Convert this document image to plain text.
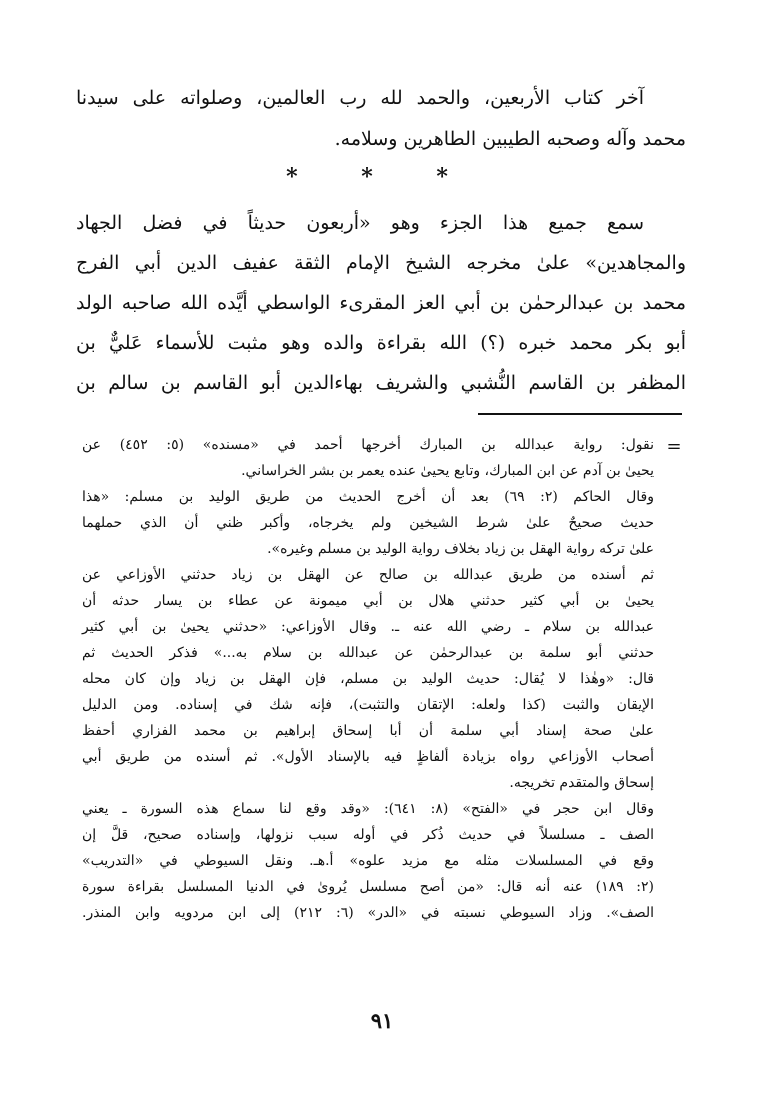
آخر كتاب الأربعين، والحمد لله رب العالمين، وصلواته على سيدنا
محمد وآله وصحبه الطيبين الطاهرين وسلامه.
* * *
سمع جميع هذا الجزء وهو «أربعون حديثاً في فضل الجهاد
والمجاهدين» علىٰ مخرجه الشيخ الإمام الثقة عفيف الدين أبي الفرج
محمد بن عبدالرحمٰن بن أبي العز المقرىء الواسطي أيَّده الله صاحبه الولد
أبو بكر محمد خبره (؟) الله بقراءة والده وهو مثبت للأسماء عَليٌّ بن
المظفر بن القاسم النُّشبي والشريف بهاءالدين أبو القاسم بن سالم بن
=
نقول: رواية عبدالله بن المبارك أخرجها أحمد في «مسنده» (٥: ٤٥٢) عن
يحيىٰ بن آدم عن ابن المبارك، وتابع يحيىٰ عنده يعمر بن بشر الخراساني.
وقال الحاكم (٢: ٦٩) بعد أن أخرج الحديث من طريق الوليد بن مسلم: «هذا
حديث صحيحٌ علىٰ شرط الشيخين ولم يخرجاه، وأكبر ظني أن الذي حملهما
علىٰ تركه رواية الهقل بن زياد بخلاف رواية الوليد بن مسلم وغيره».
ثم أسنده من طريق عبدالله بن صالح عن الهقل بن زياد حدثني الأوزاعي عن
يحيىٰ بن أبي كثير حدثني هلال بن أبي ميمونة عن عطاء بن يسار حدثه أن
عبدالله بن سلام ـ رضي الله عنه ـ. وقال الأوزاعي: «حدثني يحيىٰ بن أبي كثير
حدثني أبو سلمة بن عبدالرحمٰن عن عبدالله بن سلام به...» فذكر الحديث ثم
قال: «وهٰذا لا يُقال: حديث الوليد بن مسلم، فإن الهقل بن زياد وإن كان محله
الإيقان والثبت (كذا ولعله: الإتقان والتثبت)، فإنه شك في إسناده. ومن الدليل
علىٰ صحة إسناد أبي سلمة أن أبا إسحاق إبراهيم بن محمد الفزاري أحفظ
أصحاب الأوزاعي رواه بزيادة ألفاظٍ فيه بالإسناد الأول». ثم أسنده من طريق أبي
إسحاق والمتقدم تخريجه.
وقال ابن حجر في «الفتح» (٨: ٦٤١): «وقد وقع لنا سماع هذه السورة ـ يعني
الصف ـ مسلسلاً في حديث ذُكر في أوله سبب نزولها، وإسناده صحيح، قلَّ إن
وقع في المسلسلات مثله مع مزيد علوه» أ.هـ. ونقل السيوطي في «التدريب»
(٢: ١٨٩) عنه أنه قال: «من أصح مسلسل يُروىٰ في الدنيا المسلسل بقراءة سورة
الصف». وزاد السيوطي نسبته في «الدر» (٦: ٢١٢) إلى ابن مردويه وابن المنذر.
٩١
